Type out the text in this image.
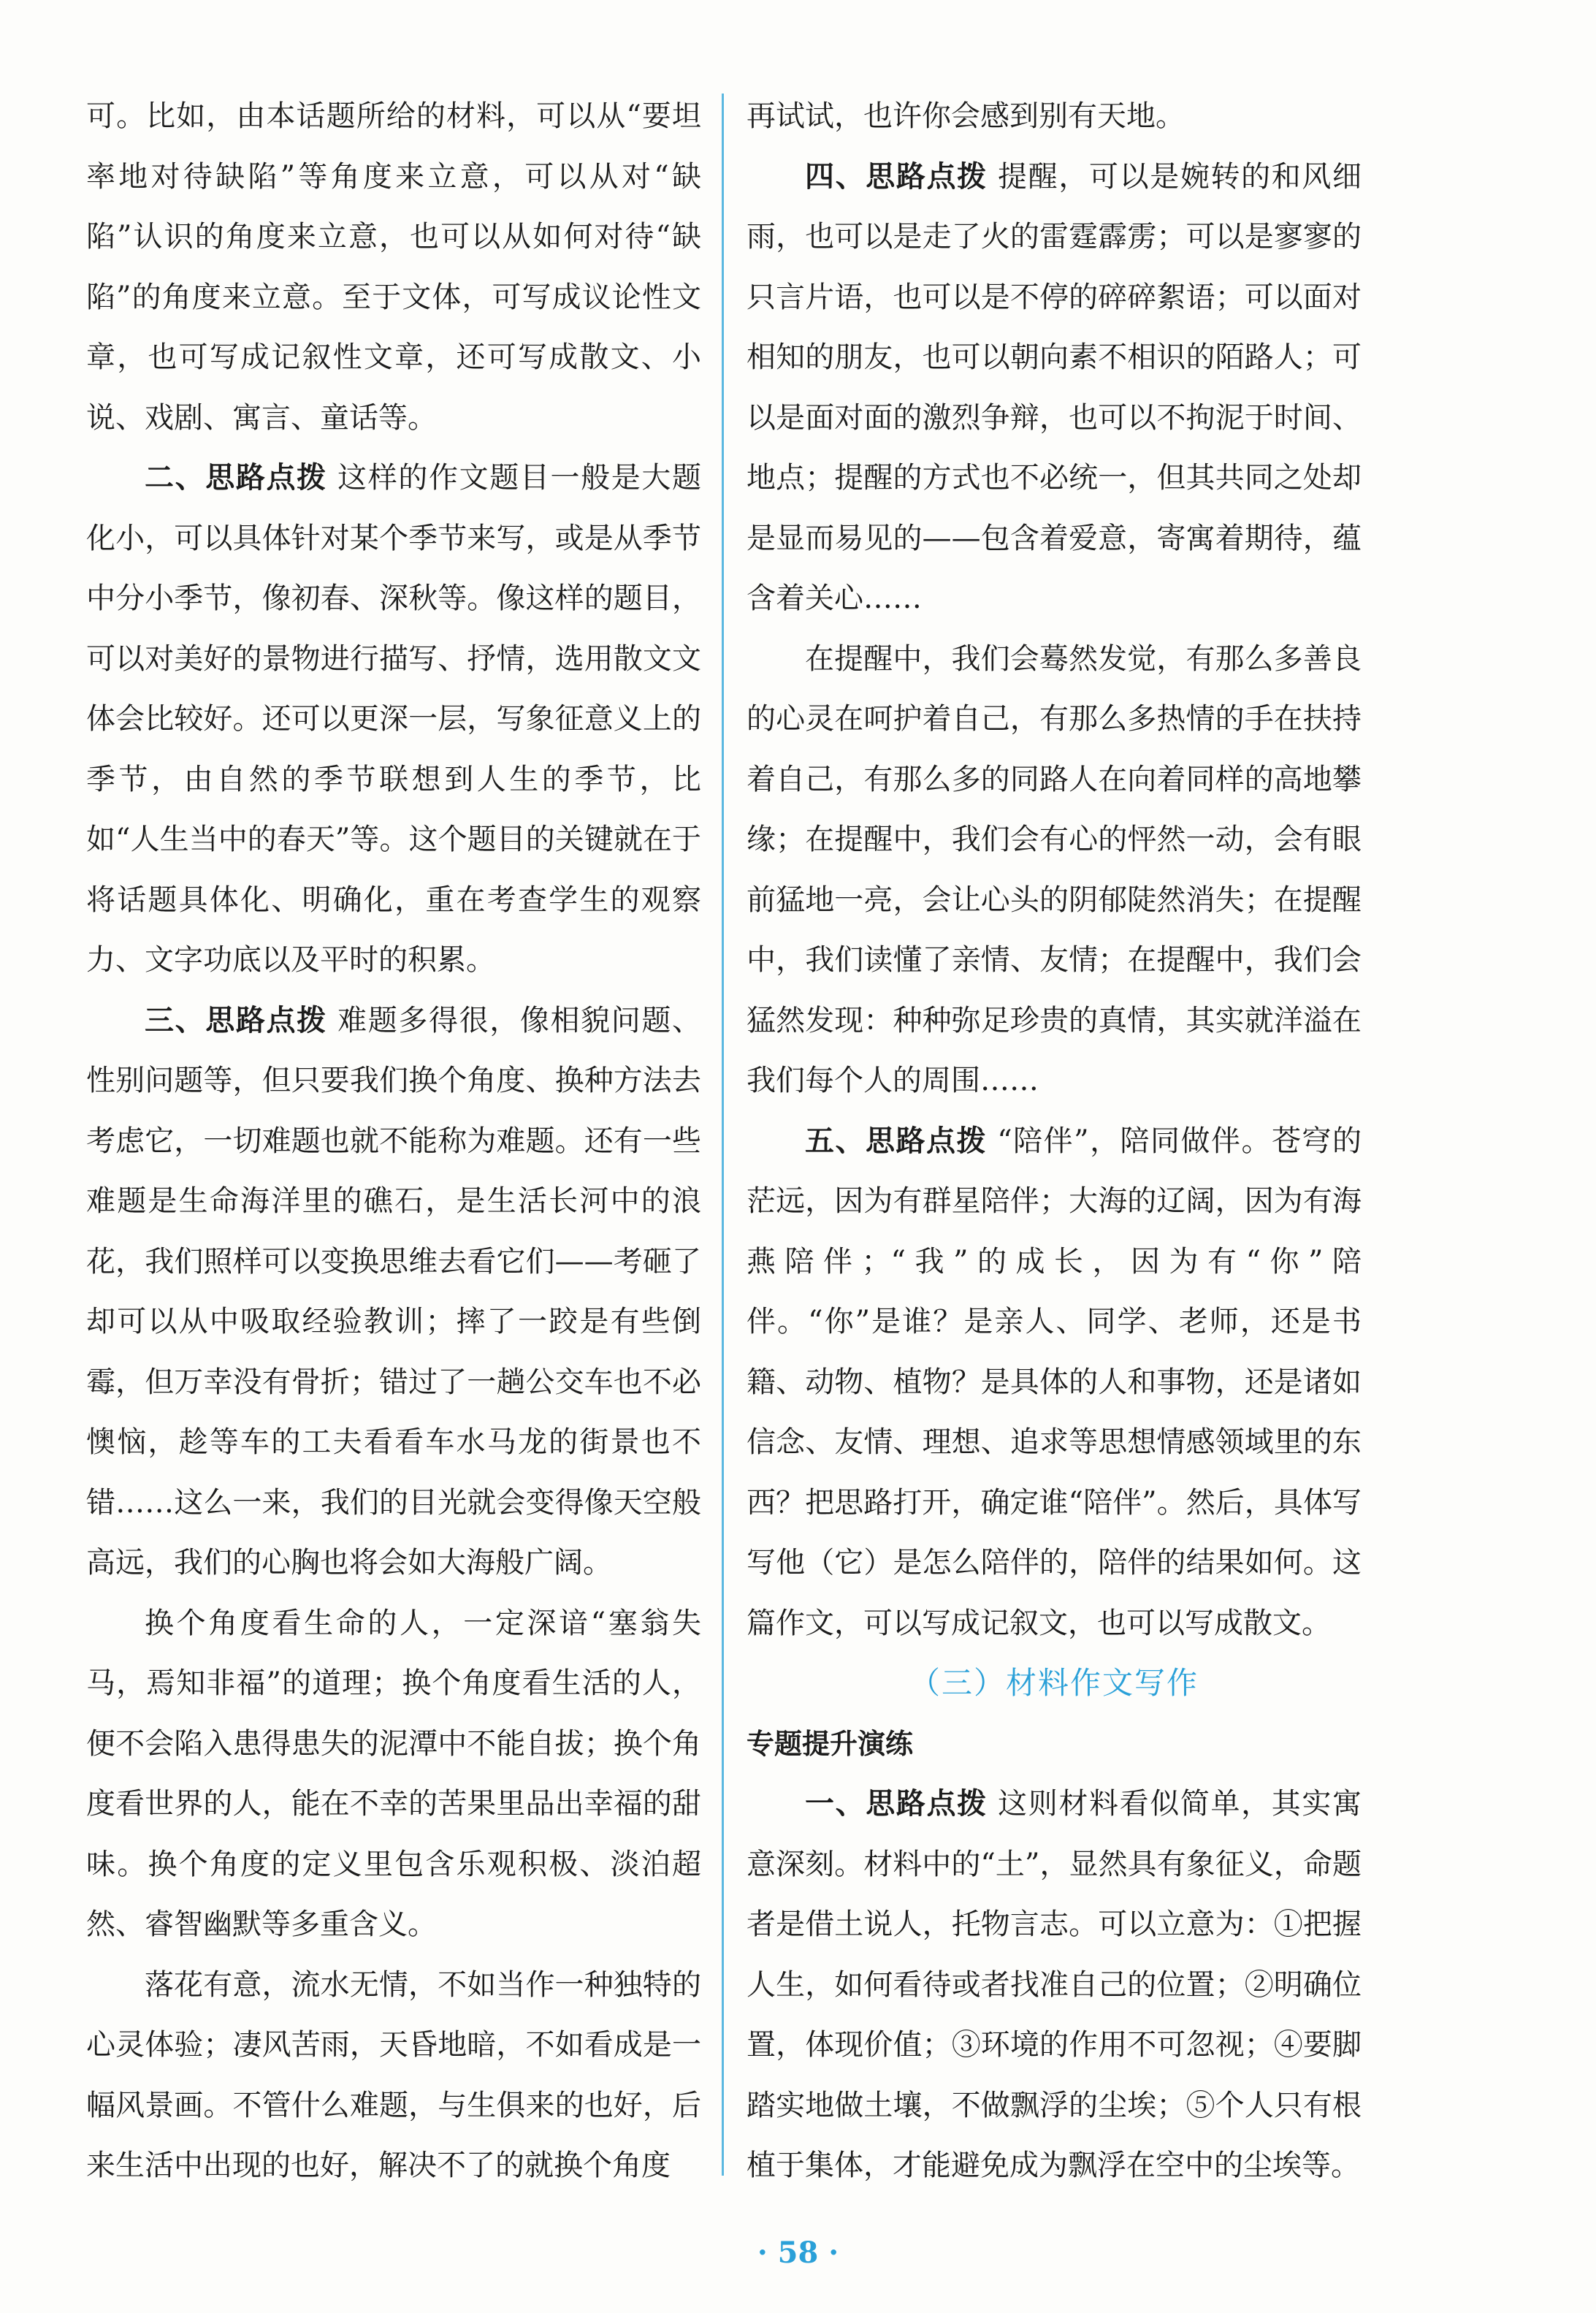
可。比如，由本话题所给的材料，可以从“要坦率地对待缺陷”等角度来立意，可以从对“缺陷”认识的角度来立意，也可以从如何对待“缺陷”的角度来立意。至于文体，可写成议论性文章，也可写成记叙性文章，还可写成散文、小说、戏剧、寓言、童话等。

二、思路点拨 这样的作文题目一般是大题化小，可以具体针对某个季节来写，或是从季节中分小季节，像初春、深秋等。像这样的题目，可以对美好的景物进行描写、抒情，选用散文文体会比较好。还可以更深一层，写象征意义上的季节，由自然的季节联想到人生的季节，比如“人生当中的春天”等。这个题目的关键就在于将话题具体化、明确化，重在考查学生的观察力、文字功底以及平时的积累。

三、思路点拨 难题多得很，像相貌问题、性别问题等，但只要我们换个角度、换种方法去考虑它，一切难题也就不能称为难题。还有一些难题是生命海洋里的礁石，是生活长河中的浪花，我们照样可以变换思维去看它们——考砸了却可以从中吸取经验教训；摔了一跤是有些倒霉，但万幸没有骨折；错过了一趟公交车也不必懊恼，趁等车的工夫看看车水马龙的街景也不错……这么一来，我们的目光就会变得像天空般高远，我们的心胸也将会如大海般广阔。

换个角度看生命的人，一定深谙“塞翁失马，焉知非福”的道理；换个角度看生活的人，便不会陷入患得患失的泥潭中不能自拔；换个角度看世界的人，能在不幸的苦果里品出幸福的甜味。换个角度的定义里包含乐观积极、淡泊超然、睿智幽默等多重含义。

落花有意，流水无情，不如当作一种独特的心灵体验；凄风苦雨，天昏地暗，不如看成是一幅风景画。不管什么难题，与生俱来的也好，后来生活中出现的也好，解决不了的就换个角度

再试试，也许你会感到别有天地。

四、思路点拨 提醒，可以是婉转的和风细雨，也可以是走了火的雷霆霹雳；可以是寥寥的只言片语，也可以是不停的碎碎絮语；可以面对相知的朋友，也可以朝向素不相识的陌路人；可以是面对面的激烈争辩，也可以不拘泥于时间、地点；提醒的方式也不必统一，但其共同之处却是显而易见的——包含着爱意，寄寓着期待，蕴含着关心……

在提醒中，我们会蓦然发觉，有那么多善良的心灵在呵护着自己，有那么多热情的手在扶持着自己，有那么多的同路人在向着同样的高地攀缘；在提醒中，我们会有心的怦然一动，会有眼前猛地一亮，会让心头的阴郁陡然消失；在提醒中，我们读懂了亲情、友情；在提醒中，我们会猛然发现：种种弥足珍贵的真情，其实就洋溢在我们每个人的周围……

五、思路点拨 “陪伴”，陪同做伴。苍穹的茫远，因为有群星陪伴；大海的辽阔，因为有海燕陪伴；“我”的成长，因为有“你”陪伴。“你”是谁？是亲人、同学、老师，还是书籍、动物、植物？是具体的人和事物，还是诸如信念、友情、理想、追求等思想情感领域里的东西？把思路打开，确定谁“陪伴”。然后，具体写写他（它）是怎么陪伴的，陪伴的结果如何。这篇作文，可以写成记叙文，也可以写成散文。

（三）材料作文写作

专题提升演练

一、思路点拨 这则材料看似简单，其实寓意深刻。材料中的“土”，显然具有象征义，命题者是借土说人，托物言志。可以立意为：①把握人生，如何看待或者找准自己的位置；②明确位置，体现价值；③环境的作用不可忽视；④要脚踏实地做土壤，不做飘浮的尘埃；⑤个人只有根植于集体，才能避免成为飘浮在空中的尘埃等。

· 58 ·
